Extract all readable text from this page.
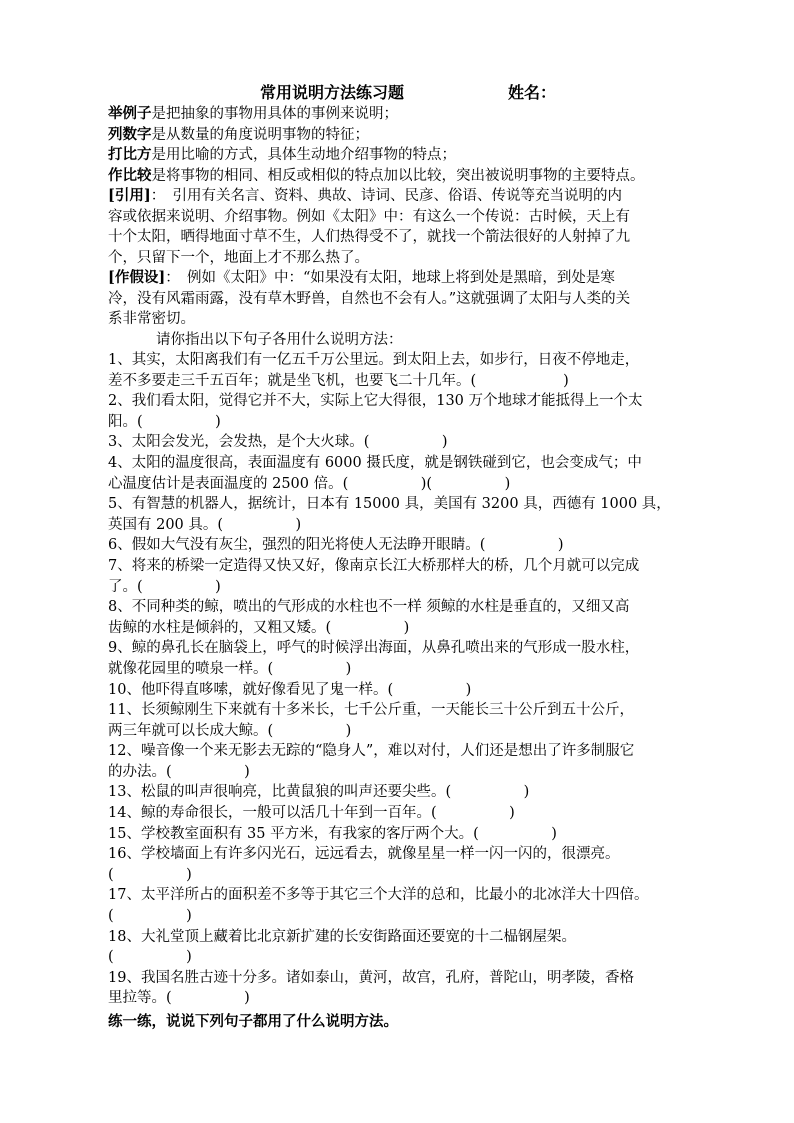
常用说明方法练习题	姓名：
举例子是把抽象的事物用具体的事例来说明；
列数字是从数量的角度说明事物的特征；
打比方是用比喻的方式，具体生动地介绍事物的特点；
作比较是将事物的相同、相反或相似的特点加以比较，突出被说明事物的主要特点。
[引用]：　引用有关名言、资料、典故、诗词、民彦、俗语、传说等充当说明的内
容或依据来说明、介绍事物。例如《太阳》中：有这么一个传说：古时候，天上有
十个太阳，晒得地面寸草不生，人们热得受不了，就找一个箭法很好的人射掉了九
个，只留下一个，地面上才不那么热了。
[作假设]：　例如《太阳》中：“如果没有太阳，地球上将到处是黑暗，到处是寒
冷，没有风霜雨露，没有草木野兽，自然也不会有人。”这就强调了太阳与人类的关
系非常密切。
请你指出以下句子各用什么说明方法：
1、其实，太阳离我们有一亿五千万公里远。到太阳上去，如步行，日夜不停地走，
差不多要走三千五百年；就是坐飞机，也要飞二十几年。(　　　　　　)
2、我们看太阳，觉得它并不大，实际上它大得很，130 万个地球才能抵得上一个太
阳。(　　　　　)
3、太阳会发光，会发热，是个大火球。(　　　　　)
4、太阳的温度很高，表面温度有 6000 摄氏度，就是钢铁碰到它，也会变成气；中
心温度估计是表面温度的 2500 倍。(　　　　　)(　　　　　)
5、有智慧的机器人，据统计，日本有 15000 具，美国有 3200 具，西德有 1000 具，
英国有 200 具。(　　　　　)
6、假如大气没有灰尘，强烈的阳光将使人无法睁开眼睛。(　　　　　)
7、将来的桥梁一定造得又快又好，像南京长江大桥那样大的桥，几个月就可以完成
了。(　　　　　)
8、不同种类的鲸，喷出的气形成的水柱也不一样 须鲸的水柱是垂直的，又细又高
齿鲸的水柱是倾斜的，又粗又矮。(　　　　　)
9、鲸的鼻孔长在脑袋上，呼气的时候浮出海面，从鼻孔喷出来的气形成一股水柱，
就像花园里的喷泉一样。(　　　　　)
10、他吓得直哆嗦，就好像看见了鬼一样。(　　　　　)
11、长须鲸刚生下来就有十多米长，七千公斤重，一天能长三十公斤到五十公斤，
两三年就可以长成大鲸。(　　　　　)
12、噪音像一个来无影去无踪的“隐身人”，难以对付，人们还是想出了许多制服它
的办法。(　　　　　)
13、松鼠的叫声很响亮，比黄鼠狼的叫声还要尖些。(　　　　　)
14、鲸的寿命很长，一般可以活几十年到一百年。(　　　　　)
15、学校教室面积有 35 平方米，有我家的客厅两个大。(　　　　　)
16、学校墙面上有许多闪光石，远远看去，就像星星一样一闪一闪的，很漂亮。
(　　　　　)
17、太平洋所占的面积差不多等于其它三个大洋的总和，比最小的北冰洋大十四倍。
(　　　　　)
18、大礼堂顶上藏着比北京新扩建的长安街路面还要宽的十二榀钢屋架。
(　　　　　)
19、我国名胜古迹十分多。诸如泰山，黄河，故宫，孔府，普陀山，明孝陵，香格
里拉等。(　　　　　)
练一练，说说下列句子都用了什么说明方法。
